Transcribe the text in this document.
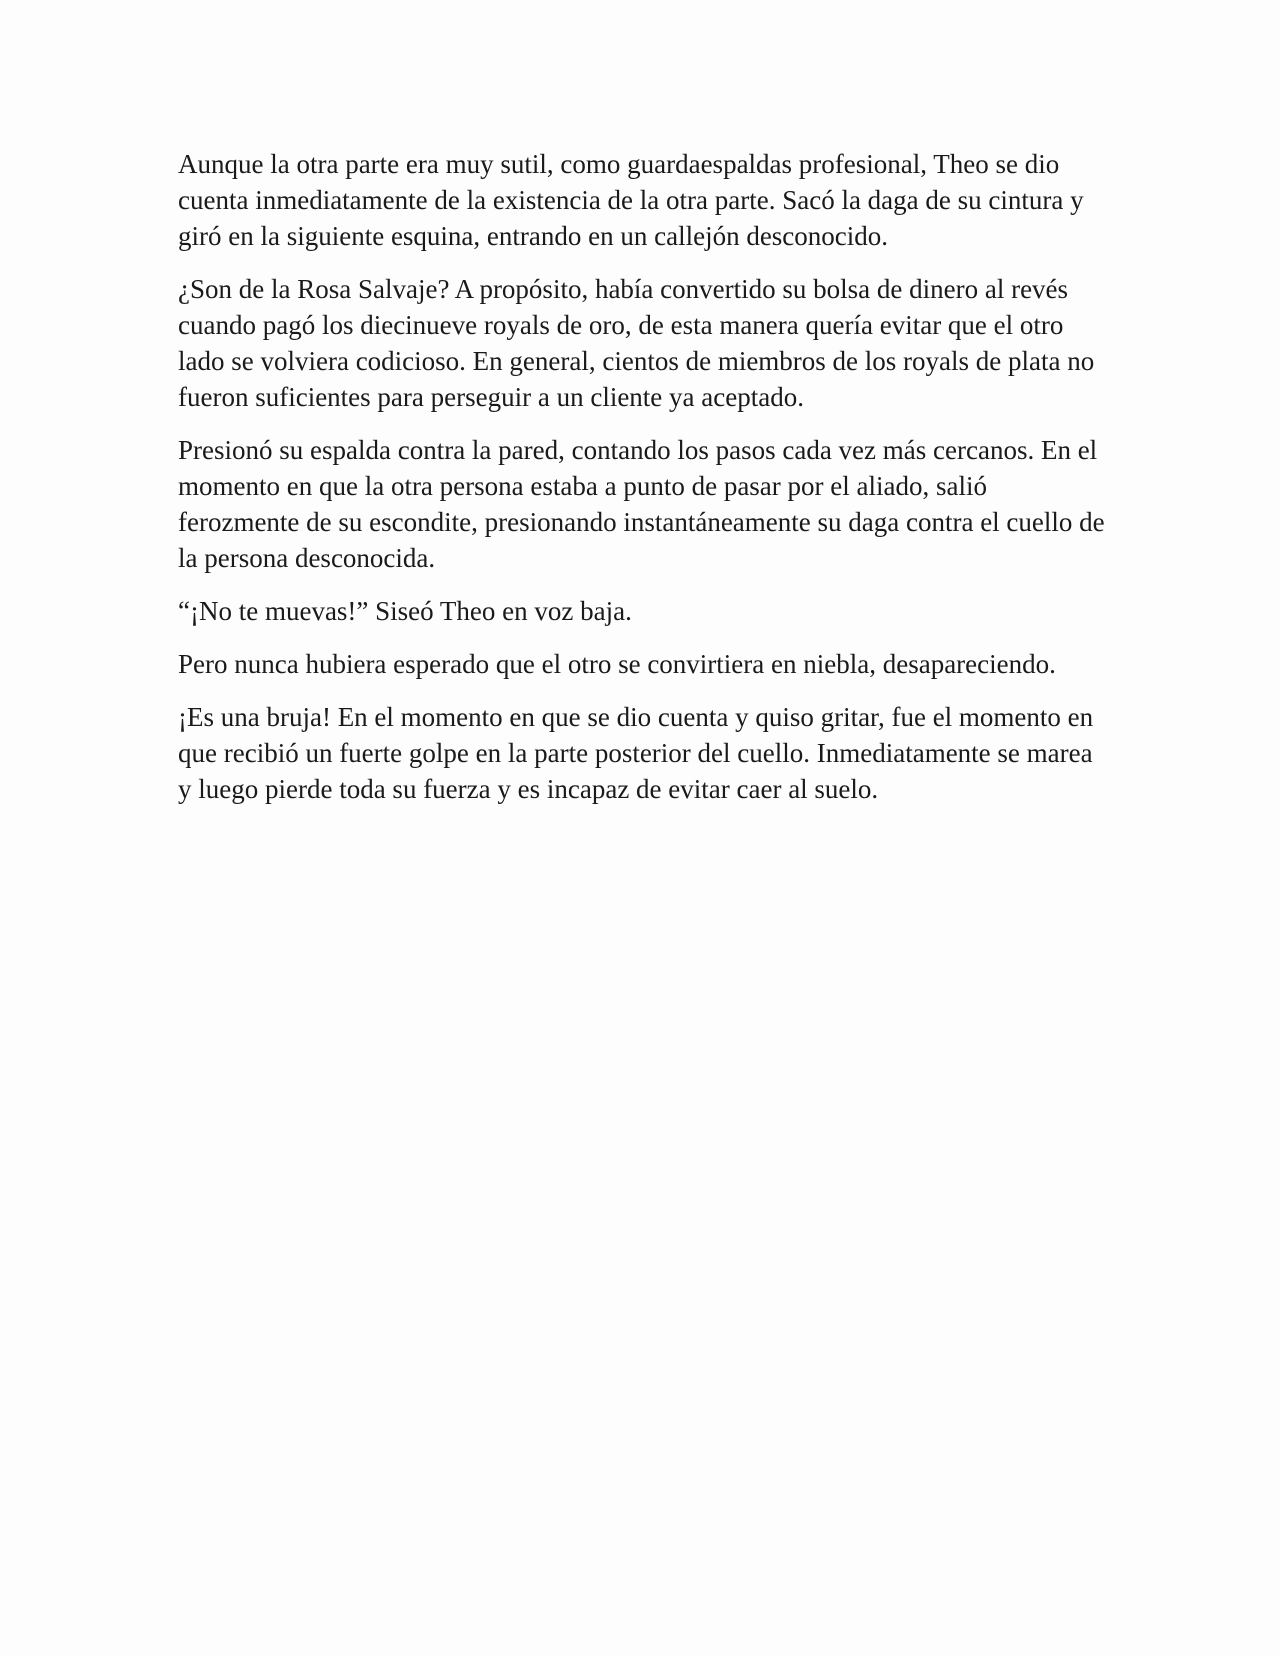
Aunque la otra parte era muy sutil, como guardaespaldas profesional, Theo se dio cuenta inmediatamente de la existencia de la otra parte. Sacó la daga de su cintura y giró en la siguiente esquina, entrando en un callejón desconocido.

¿Son de la Rosa Salvaje? A propósito, había convertido su bolsa de dinero al revés cuando pagó los diecinueve royals de oro, de esta manera quería evitar que el otro lado se volviera codicioso. En general, cientos de miembros de los royals de plata no fueron suficientes para perseguir a un cliente ya aceptado.

Presionó su espalda contra la pared, contando los pasos cada vez más cercanos. En el momento en que la otra persona estaba a punto de pasar por el aliado, salió ferozmente de su escondite, presionando instantáneamente su daga contra el cuello de la persona desconocida.

“¡No te muevas!” Siseó Theo en voz baja.

Pero nunca hubiera esperado que el otro se convirtiera en niebla, desapareciendo.

¡Es una bruja! En el momento en que se dio cuenta y quiso gritar, fue el momento en que recibió un fuerte golpe en la parte posterior del cuello. Inmediatamente se marea y luego pierde toda su fuerza y es incapaz de evitar caer al suelo.
